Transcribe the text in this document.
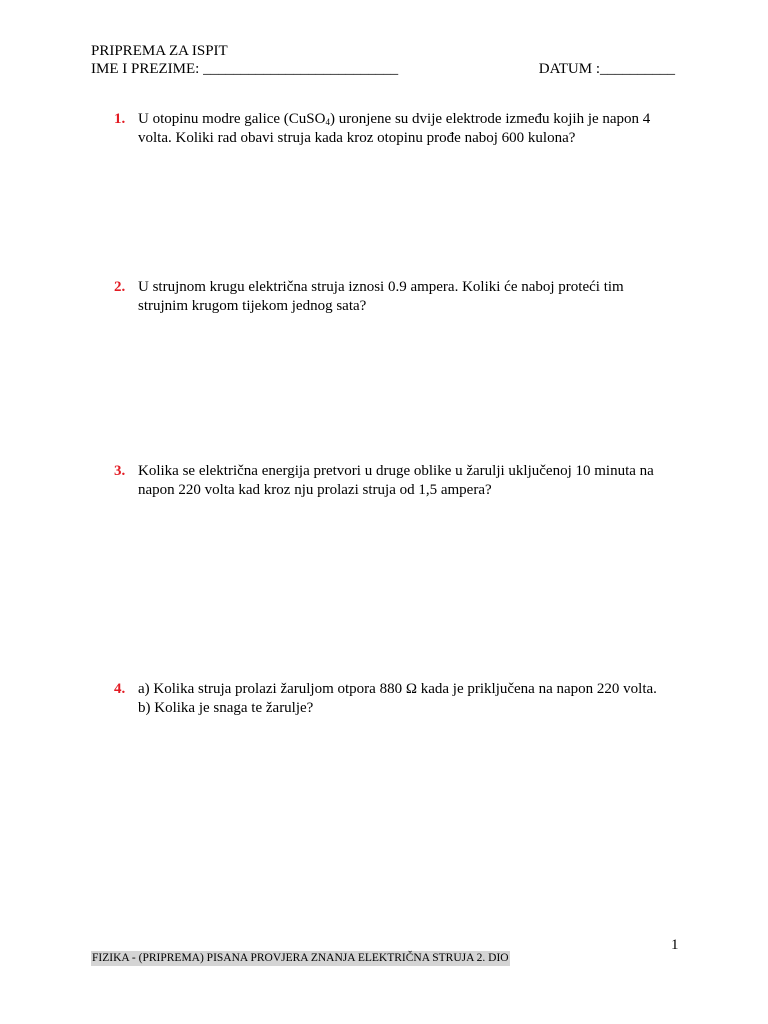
PRIPREMA ZA ISPIT
IME I PREZIME: __________________________	DATUM :__________
1. U otopinu modre galice (CuSO$_4$) uronjene su dvije elektrode između kojih je napon 4
volta. Koliki rad obavi struja kada kroz otopinu prođe naboj 600 kulona?
2. U strujnom krugu električna struja iznosi 0.9 ampera. Koliki će naboj proteći tim
strujnim krugom tijekom jednog sata?
3. Kolika se električna energija pretvori u druge oblike u žarulji uključenoj 10 minuta na
napon 220 volta kad kroz nju prolazi struja od 1,5 ampera?
4. a) Kolika struja prolazi žaruljom otpora 880 Ω kada je priključena na napon 220 volta.
b) Kolika je snaga te žarulje?
1
FIZIKA - (PRIPREMA) PISANA PROVJERA ZNANJA ELEKTRIČNA STRUJA 2. DIO
